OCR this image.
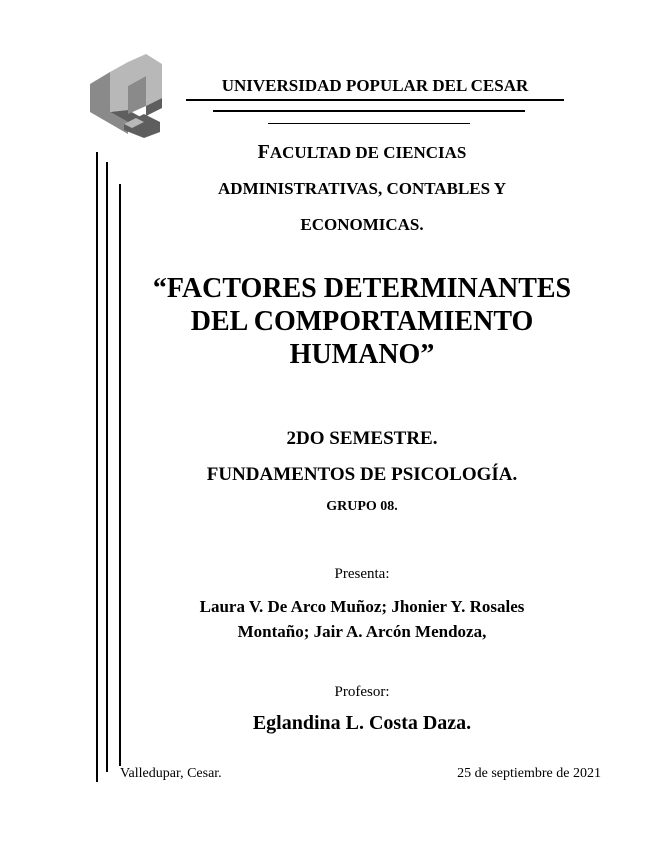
UNIVERSIDAD POPULAR DEL CESAR
FACULTAD DE CIENCIAS
ADMINISTRATIVAS, CONTABLES Y
ECONOMICAS.
“FACTORES DETERMINANTES
DEL COMPORTAMIENTO
HUMANO”
2DO SEMESTRE.
FUNDAMENTOS DE PSICOLOGÍA.
GRUPO 08.
Presenta:
Laura V. De Arco Muñoz; Jhonier Y. Rosales
Montaño; Jair A. Arcón Mendoza,
Profesor:
Eglandina L. Costa Daza.
Valledupar, Cesar.	25 de septiembre de 2021
